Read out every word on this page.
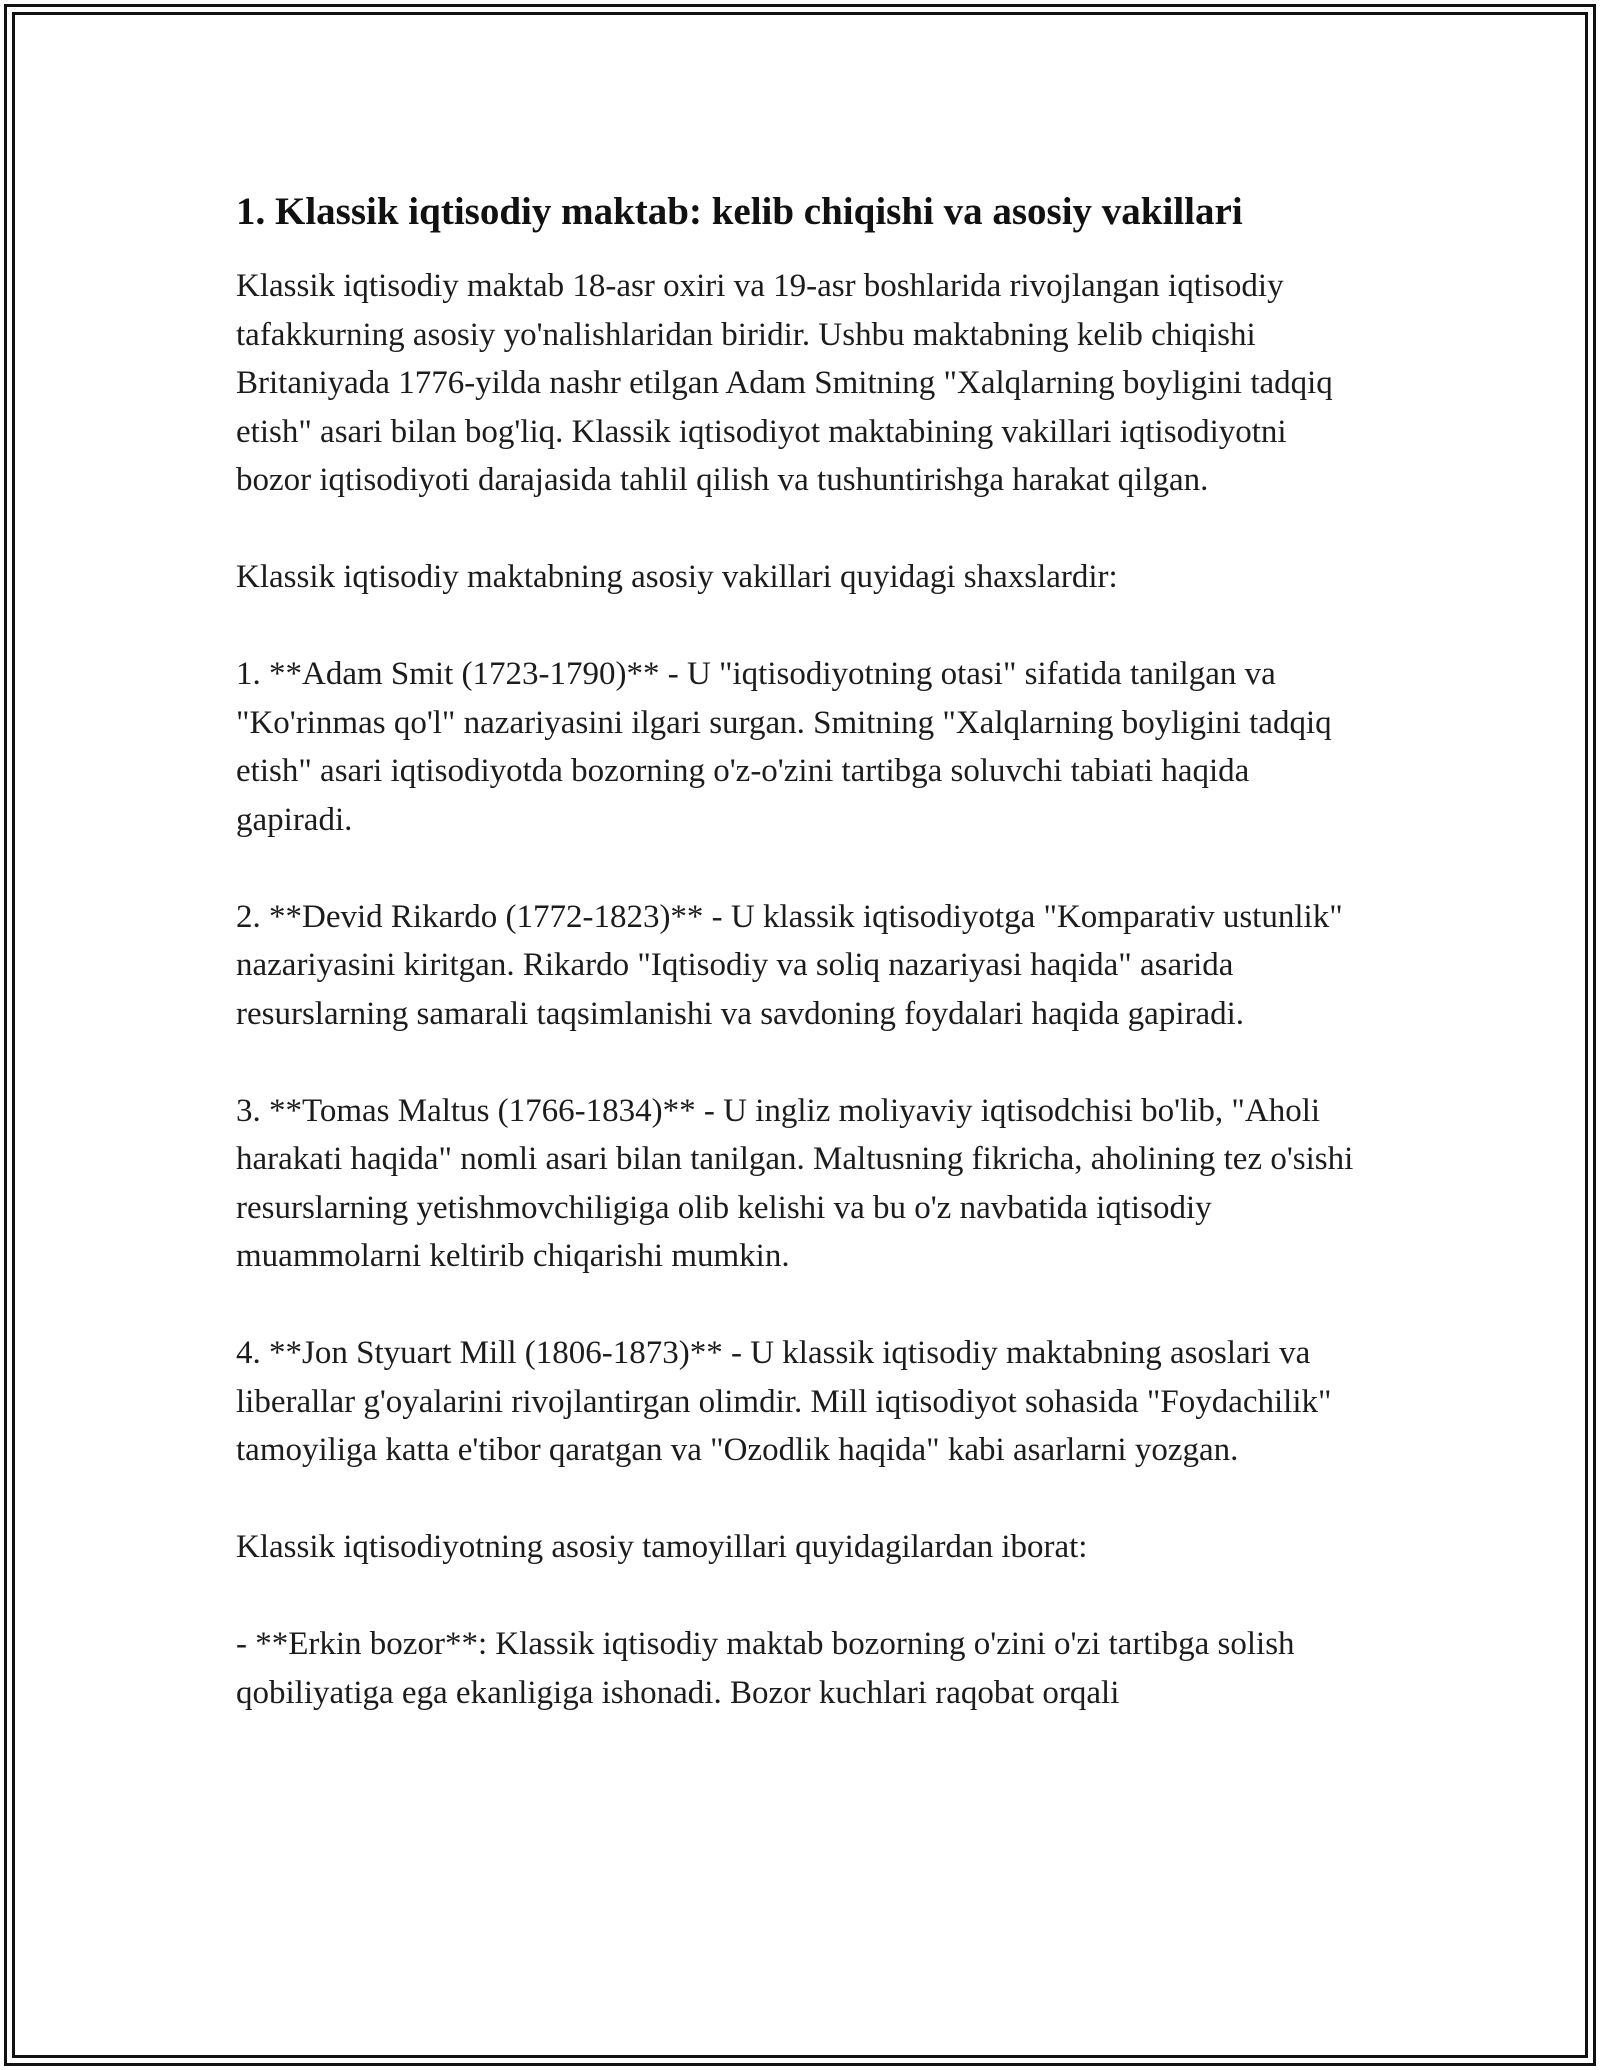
1. Klassik iqtisodiy maktab: kelib chiqishi va asosiy vakillari

Klassik iqtisodiy maktab 18-asr oxiri va 19-asr boshlarida rivojlangan iqtisodiy tafakkurning asosiy yo'nalishlaridan biridir. Ushbu maktabning kelib chiqishi Britaniyada 1776-yilda nashr etilgan Adam Smitning "Xalqlarning boyligini tadqiq etish" asari bilan bog'liq. Klassik iqtisodiyot maktabining vakillari iqtisodiyotni bozor iqtisodiyoti darajasida tahlil qilish va tushuntirishga harakat qilgan.

Klassik iqtisodiy maktabning asosiy vakillari quyidagi shaxslardir:

1. **Adam Smit (1723-1790)** - U "iqtisodiyotning otasi" sifatida tanilgan va "Ko'rinmas qo'l" nazariyasini ilgari surgan. Smitning "Xalqlarning boyligini tadqiq etish" asari iqtisodiyotda bozorning o'z-o'zini tartibga soluvchi tabiati haqida gapiradi.

2. **Devid Rikardo (1772-1823)** - U klassik iqtisodiyotga "Komparativ ustunlik" nazariyasini kiritgan. Rikardo "Iqtisodiy va soliq nazariyasi haqida" asarida resurslarning samarali taqsimlanishi va savdoning foydalari haqida gapiradi.

3. **Tomas Maltus (1766-1834)** - U ingliz moliyaviy iqtisodchisi bo'lib, "Aholi harakati haqida" nomli asari bilan tanilgan. Maltusning fikricha, aholining tez o'sishi resurslarning yetishmovchiligiga olib kelishi va bu o'z navbatida iqtisodiy muammolarni keltirib chiqarishi mumkin.

4. **Jon Styuart Mill (1806-1873)** - U klassik iqtisodiy maktabning asoslari va liberallar g'oyalarini rivojlantirgan olimdir. Mill iqtisodiyot sohasida "Foydachilik" tamoyiliga katta e'tibor qaratgan va "Ozodlik haqida" kabi asarlarni yozgan.

Klassik iqtisodiyotning asosiy tamoyillari quyidagilardan iborat:

- **Erkin bozor**: Klassik iqtisodiy maktab bozorning o'zini o'zi tartibga solish qobiliyatiga ega ekanligiga ishonadi. Bozor kuchlari raqobat orqali
